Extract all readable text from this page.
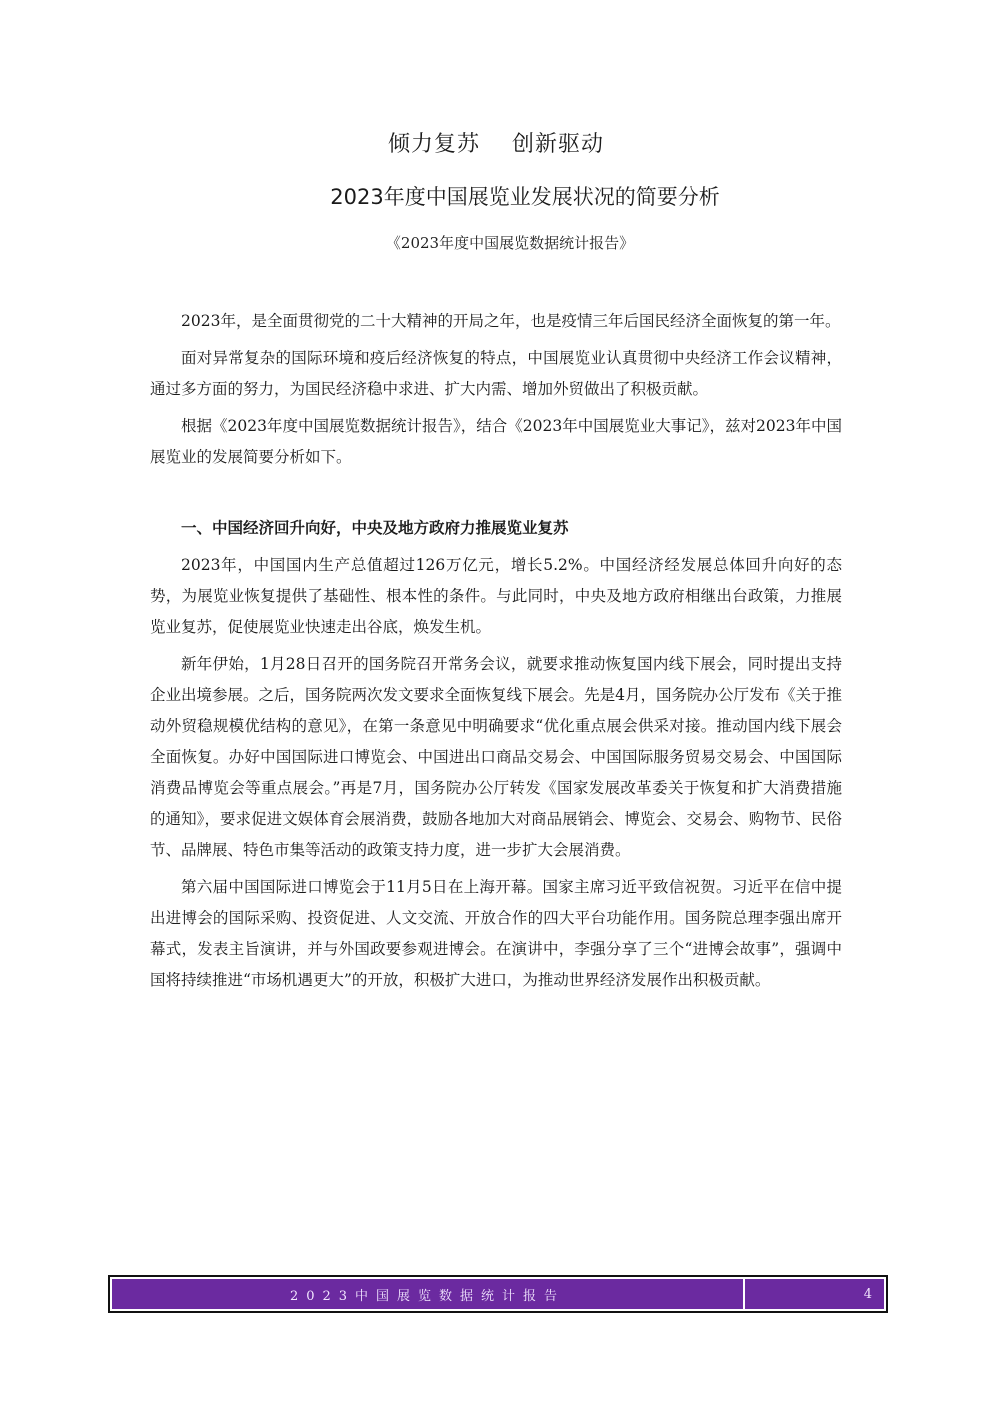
倾力复苏    创新驱动
2023年度中国展览业发展状况的简要分析
《2023年度中国展览数据统计报告》

2023年，是全面贯彻党的二十大精神的开局之年，也是疫情三年后国民经济全面恢复的第一年。

面对异常复杂的国际环境和疫后经济恢复的特点，中国展览业认真贯彻中央经济工作会议精神，通过多方面的努力，为国民经济稳中求进、扩大内需、增加外贸做出了积极贡献。

根据《2023年度中国展览数据统计报告》，结合《2023年中国展览业大事记》，兹对2023年中国展览业的发展简要分析如下。

一、中国经济回升向好，中央及地方政府力推展览业复苏

2023年，中国国内生产总值超过126万亿元，增长5.2%。中国经济经发展总体回升向好的态势，为展览业恢复提供了基础性、根本性的条件。与此同时，中央及地方政府相继出台政策，力推展览业复苏，促使展览业快速走出谷底，焕发生机。

新年伊始，1月28日召开的国务院召开常务会议，就要求推动恢复国内线下展会，同时提出支持企业出境参展。之后，国务院两次发文要求全面恢复线下展会。先是4月，国务院办公厅发布《关于推动外贸稳规模优结构的意见》，在第一条意见中明确要求“优化重点展会供采对接。推动国内线下展会全面恢复。办好中国国际进口博览会、中国进出口商品交易会、中国国际服务贸易交易会、中国国际消费品博览会等重点展会。”再是7月，国务院办公厅转发《国家发展改革委关于恢复和扩大消费措施的通知》，要求促进文娱体育会展消费，鼓励各地加大对商品展销会、博览会、交易会、购物节、民俗节、品牌展、特色市集等活动的政策支持力度，进一步扩大会展消费。

第六届中国国际进口博览会于11月5日在上海开幕。国家主席习近平致信祝贺。习近平在信中提出进博会的国际采购、投资促进、人文交流、开放合作的四大平台功能作用。国务院总理李强出席开幕式，发表主旨演讲，并与外国政要参观进博会。在演讲中，李强分享了三个“进博会故事”，强调中国将持续推进“市场机遇更大”的开放，积极扩大进口，为推动世界经济发展作出积极贡献。

2023中国展览数据统计报告	4
